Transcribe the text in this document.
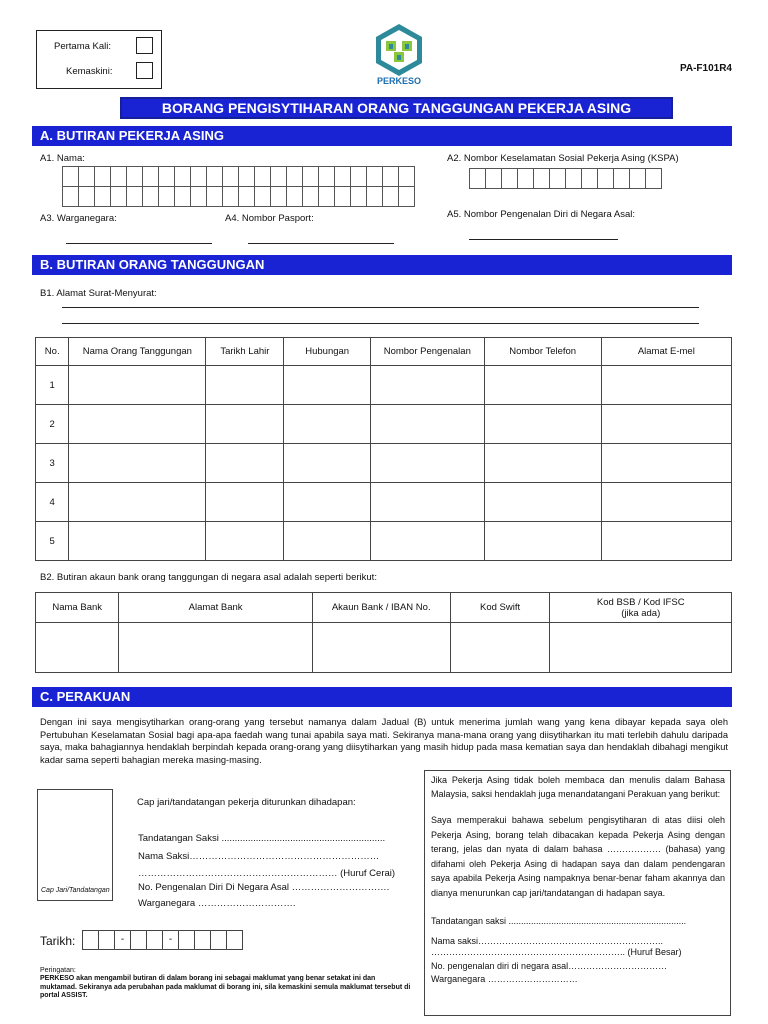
Pertama Kali:
Kemaskini:
PERKESO
PA-F101R4
BORANG PENGISYTIHARAN ORANG TANGGUNGAN PEKERJA ASING
A. BUTIRAN PEKERJA ASING
A1. Nama:	A2. Nombor Keselamatan Sosial Pekerja Asing (KSPA)
A3. Warganegara:	A4. Nombor Pasport:	A5. Nombor Pengenalan Diri di Negara Asal:
B. BUTIRAN ORANG TANGGUNGAN
B1. Alamat Surat-Menyurat:
No.	Nama Orang Tanggungan	Tarikh Lahir	Hubungan	Nombor Pengenalan	Nombor Telefon	Alamat E-mel
1						
2						
3						
4						
5						
B2. Butiran akaun bank orang tanggungan di negara asal adalah seperti berikut:
Nama Bank	Alamat Bank	Akaun Bank / IBAN No.	Kod Swift	Kod BSB / Kod IFSC
(jika ada)

C. PERAKUAN
Dengan ini saya mengisytiharkan orang-orang yang tersebut namanya dalam Jadual (B) untuk menerima jumlah wang yang kena dibayar kepada saya oleh Pertubuhan Keselamatan Sosial bagi apa-apa faedah wang tunai apabila saya mati. Sekiranya mana-mana orang yang diisytiharkan itu mati terlebih dahulu daripada saya, maka bahagiannya hendaklah berpindah kepada orang-orang yang diisytiharkan yang masih hidup pada masa kematian saya dan hendaklah dibahagi mengikut kadar sama seperti bahagian mereka masing-masing.
Cap Jari/Tandatangan
Cap jari/tandatangan pekerja diturunkan dihadapan:
Tandatangan Saksi ..............................................................
Nama Saksi……………………………………………………
……………………………………………………… (Huruf Cerai)
No. Pengenalan Diri Di Negara Asal ………………………….
Warganegara ………………………….
Tarikh:	-	-
Peringatan:
PERKESO akan mengambil butiran di dalam borang ini sebagai maklumat yang benar setakat ini dan muktamad. Sekiranya ada perubahan pada maklumat di borang ini, sila kemaskini semula maklumat tersebut di portal ASSIST.
Jika Pekerja Asing tidak boleh membaca dan menulis dalam Bahasa Malaysia, saksi hendaklah juga menandatangani Perakuan yang berikut:
Saya memperakui bahawa sebelum pengisytiharan di atas diisi oleh Pekerja Asing, borang telah dibacakan kepada Pekerja Asing dengan terang, jelas dan nyata di dalam bahasa ……………… (bahasa) yang difahami oleh Pekerja Asing di hadapan saya dan dalam pendengaran saya apabila Pekerja Asing nampaknya benar-benar faham akannya dan dianya menurunkan cap jari/tandatangan di hadapan saya.
Tandatangan saksi .......................................................................
Nama saksi……………………………………………………..
……………………………………………………….. (Huruf Besar)
No. pengenalan diri di negara asal……………………………
Warganegara …………………………
